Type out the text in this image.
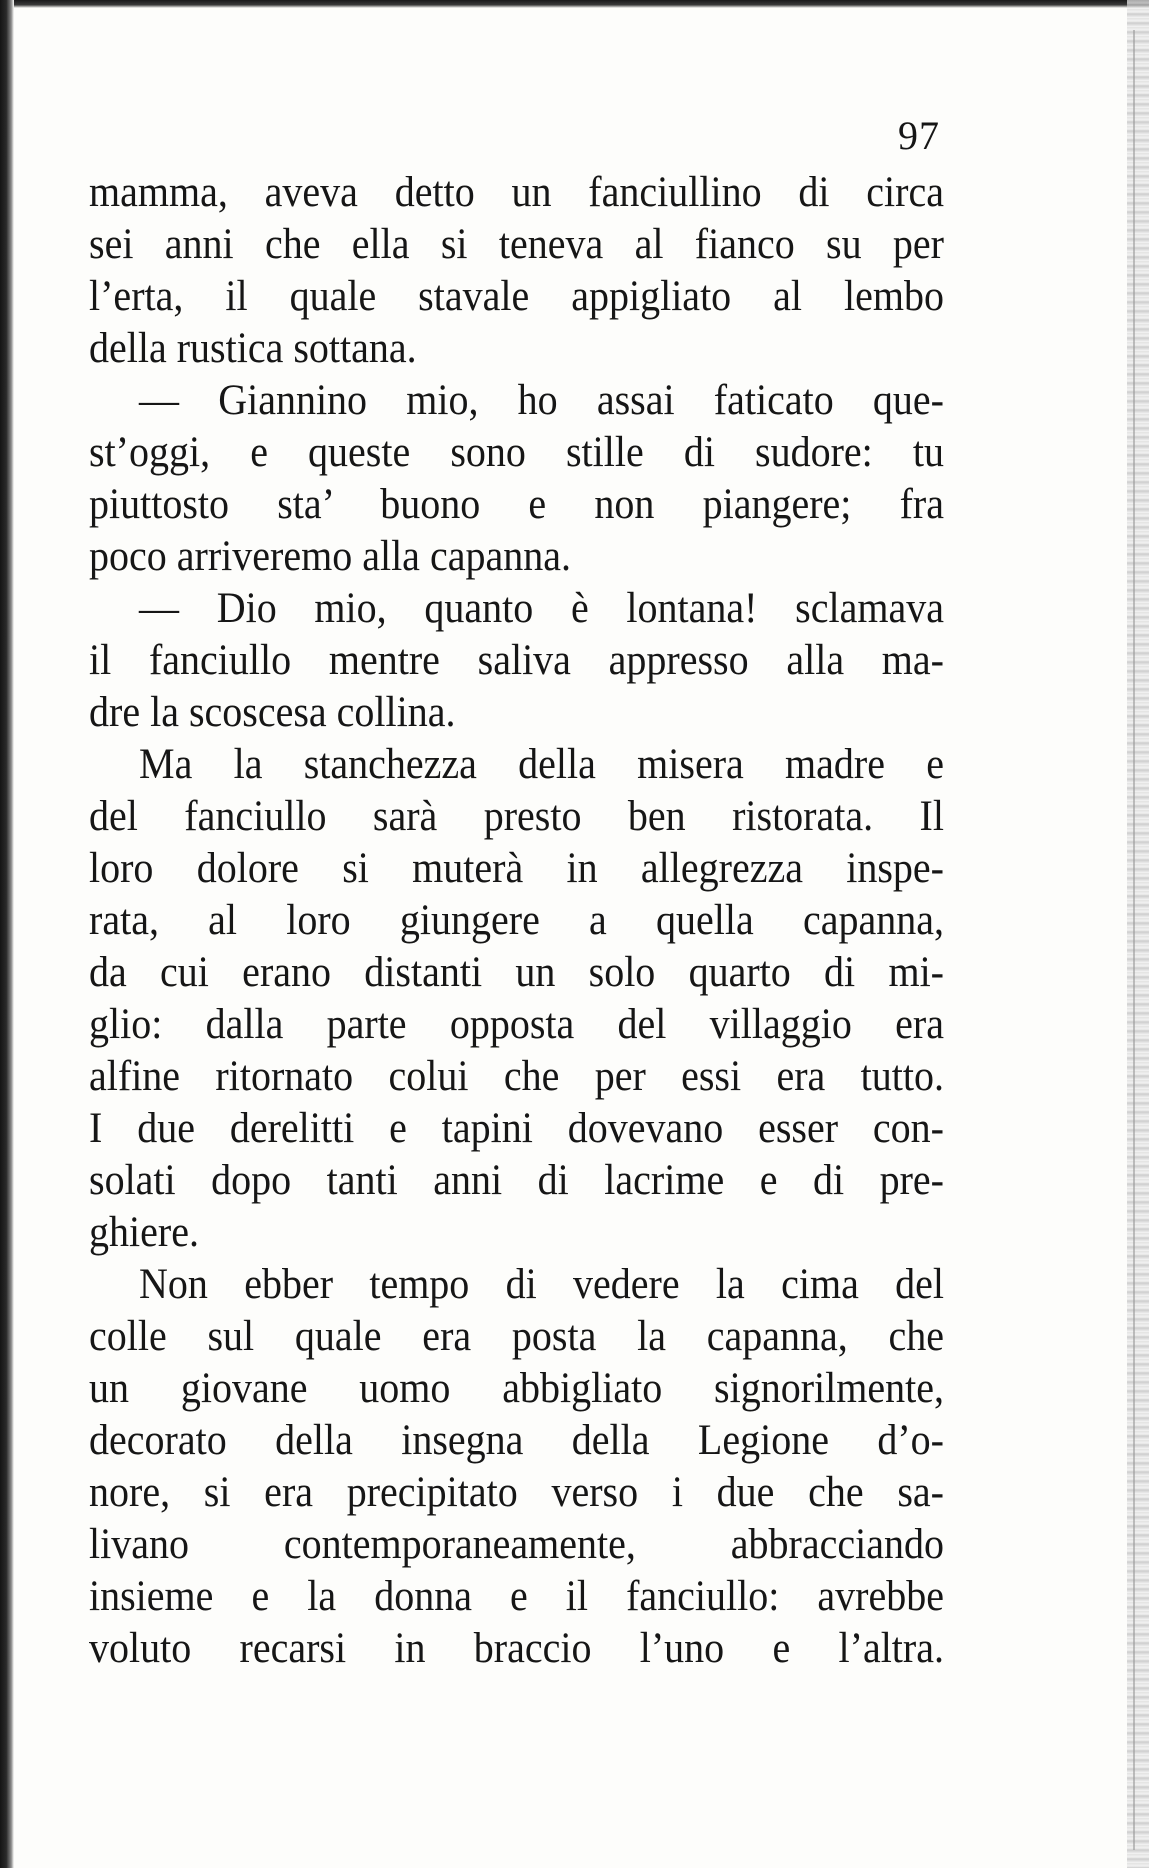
97
mamma, aveva detto un fanciullino di circa
sei anni che ella si teneva al fianco su per
l’erta, il quale stavale appigliato al lembo
della rustica sottana.
— Giannino mio, ho assai faticato que-
st’oggi, e queste sono stille di sudore: tu
piuttosto sta’ buono e non piangere; fra
poco arriveremo alla capanna.
— Dio mio, quanto è lontana! sclamava
il fanciullo mentre saliva appresso alla ma-
dre la scoscesa collina.
Ma la stanchezza della misera madre e
del fanciullo sarà presto ben ristorata. Il
loro dolore si muterà in allegrezza inspe-
rata, al loro giungere a quella capanna,
da cui erano distanti un solo quarto di mi-
glio: dalla parte opposta del villaggio era
alfine ritornato colui che per essi era tutto.
I due derelitti e tapini dovevano esser con-
solati dopo tanti anni di lacrime e di pre-
ghiere.
Non ebber tempo di vedere la cima del
colle sul quale era posta la capanna, che
un giovane uomo abbigliato signorilmente,
decorato della insegna della Legione d’o-
nore, si era precipitato verso i due che sa-
livano contemporaneamente, abbracciando
insieme e la donna e il fanciullo: avrebbe
voluto recarsi in braccio l’uno e l’altra.
